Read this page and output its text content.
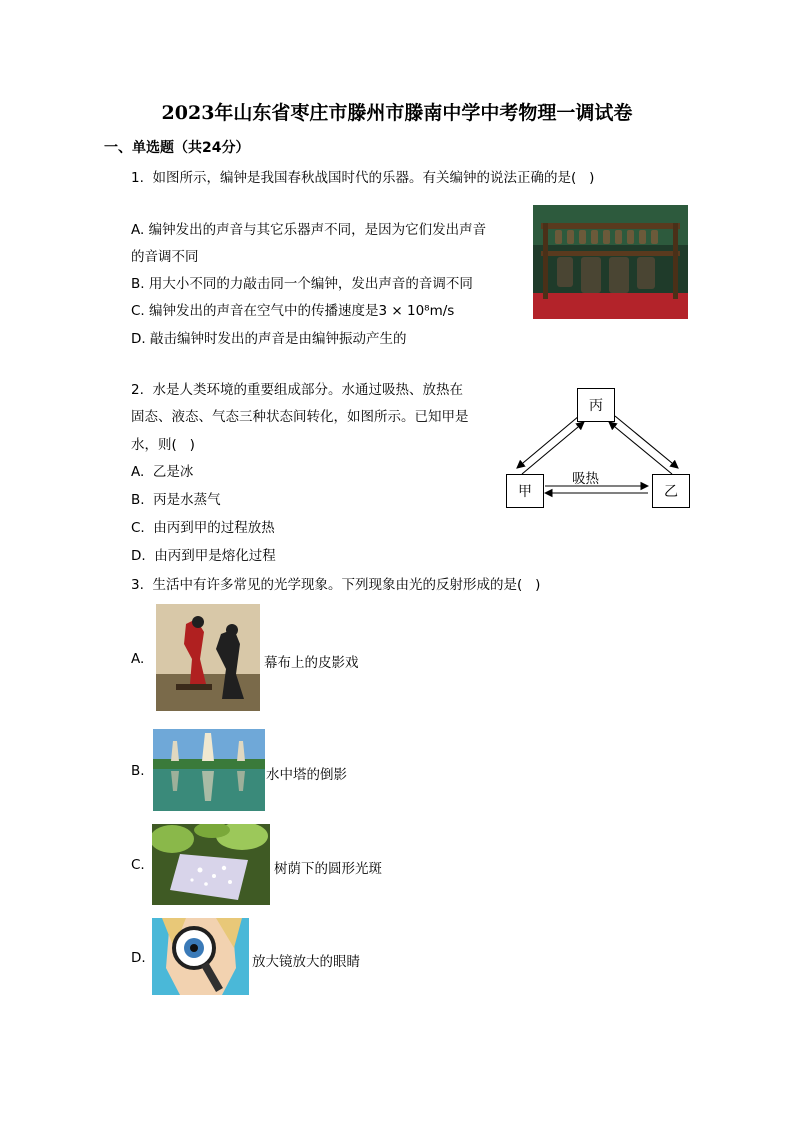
2023年山东省枣庄市滕州市滕南中学中考物理一调试卷
一、单选题（共24分）
1.  如图所示，编钟是我国春秋战国时代的乐器。有关编钟的说法正确的是(   )
A. 编钟发出的声音与其它乐器声不同，是因为它们发出声音
的音调不同
B. 用大小不同的力敲击同一个编钟，发出声音的音调不同
C. 编钟发出的声音在空气中的传播速度是3 × 10⁸m/s
D. 敲击编钟时发出的声音是由编钟振动产生的
2.  水是人类环境的重要组成部分。水通过吸热、放热在
固态、液态、气态三种状态间转化，如图所示。已知甲是
水，则(   )
A.  乙是冰
B.  丙是水蒸气
C.  由丙到甲的过程放热
D.  由丙到甲是熔化过程
丙
甲	乙
吸热
3.  生活中有许多常见的光学现象。下列现象由光的反射形成的是(   )
A.	幕布上的皮影戏
B.	水中塔的倒影
C.	树荫下的圆形光斑
D.	放大镜放大的眼睛
